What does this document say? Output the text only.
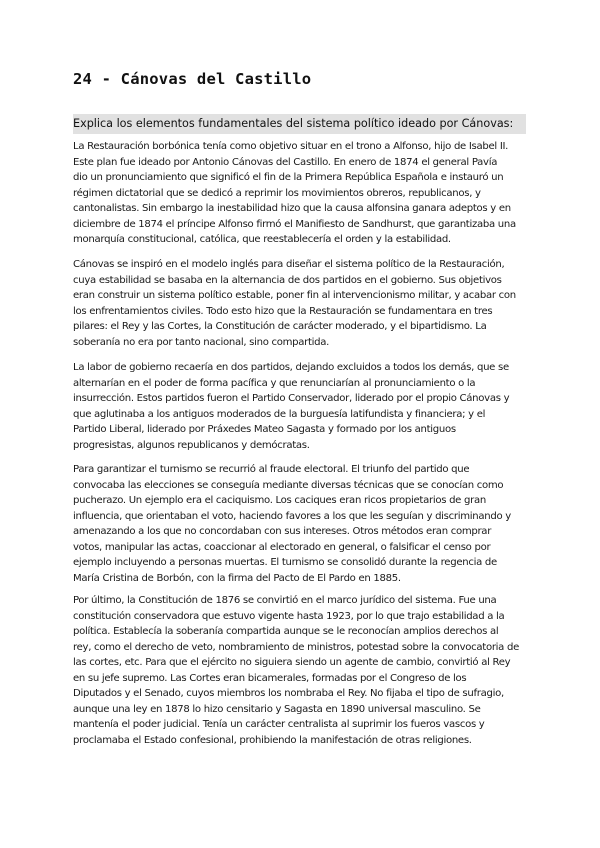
24 - Cánovas del Castillo
Explica los elementos fundamentales del sistema político ideado por Cánovas:
La Restauración borbónica tenía como objetivo situar en el trono a Alfonso, hijo de Isabel II.
Este plan fue ideado por Antonio Cánovas del Castillo. En enero de 1874 el general Pavía
dio un pronunciamiento que significó el fin de la Primera República Española e instauró un
régimen dictatorial que se dedicó a reprimir los movimientos obreros, republicanos, y
cantonalistas. Sin embargo la inestabilidad hizo que la causa alfonsina ganara adeptos y en
diciembre de 1874 el príncipe Alfonso firmó el Manifiesto de Sandhurst, que garantizaba una
monarquía constitucional, católica, que reestablecería el orden y la estabilidad.
Cánovas se inspiró en el modelo inglés para diseñar el sistema político de la Restauración,
cuya estabilidad se basaba en la alternancia de dos partidos en el gobierno. Sus objetivos
eran construir un sistema político estable, poner fin al intervencionismo militar, y acabar con
los enfrentamientos civiles. Todo esto hizo que la Restauración se fundamentara en tres
pilares: el Rey y las Cortes, la Constitución de carácter moderado, y el bipartidismo. La
soberanía no era por tanto nacional, sino compartida.
La labor de gobierno recaería en dos partidos, dejando excluidos a todos los demás, que se
alternarían en el poder de forma pacífica y que renunciarían al pronunciamiento o la
insurrección. Estos partidos fueron el Partido Conservador, liderado por el propio Cánovas y
que aglutinaba a los antiguos moderados de la burguesía latifundista y financiera; y el
Partido Liberal, liderado por Práxedes Mateo Sagasta y formado por los antiguos
progresistas, algunos republicanos y demócratas.
Para garantizar el turnismo se recurrió al fraude electoral. El triunfo del partido que
convocaba las elecciones se conseguía mediante diversas técnicas que se conocían como
pucherazo. Un ejemplo era el caciquismo. Los caciques eran ricos propietarios de gran
influencia, que orientaban el voto, haciendo favores a los que les seguían y discriminando y
amenazando a los que no concordaban con sus intereses. Otros métodos eran comprar
votos, manipular las actas, coaccionar al electorado en general, o falsificar el censo por
ejemplo incluyendo a personas muertas. El turnismo se consolidó durante la regencia de
María Cristina de Borbón, con la firma del Pacto de El Pardo en 1885.
Por último, la Constitución de 1876 se convirtió en el marco jurídico del sistema. Fue una
constitución conservadora que estuvo vigente hasta 1923, por lo que trajo estabilidad a la
política. Establecía la soberanía compartida aunque se le reconocían amplios derechos al
rey, como el derecho de veto, nombramiento de ministros, potestad sobre la convocatoria de
las cortes, etc. Para que el ejército no siguiera siendo un agente de cambio, convirtió al Rey
en su jefe supremo. Las Cortes eran bicamerales, formadas por el Congreso de los
Diputados y el Senado, cuyos miembros los nombraba el Rey. No fijaba el tipo de sufragio,
aunque una ley en 1878 lo hizo censitario y Sagasta en 1890 universal masculino. Se
mantenía el poder judicial. Tenía un carácter centralista al suprimir los fueros vascos y
proclamaba el Estado confesional, prohibiendo la manifestación de otras religiones.
